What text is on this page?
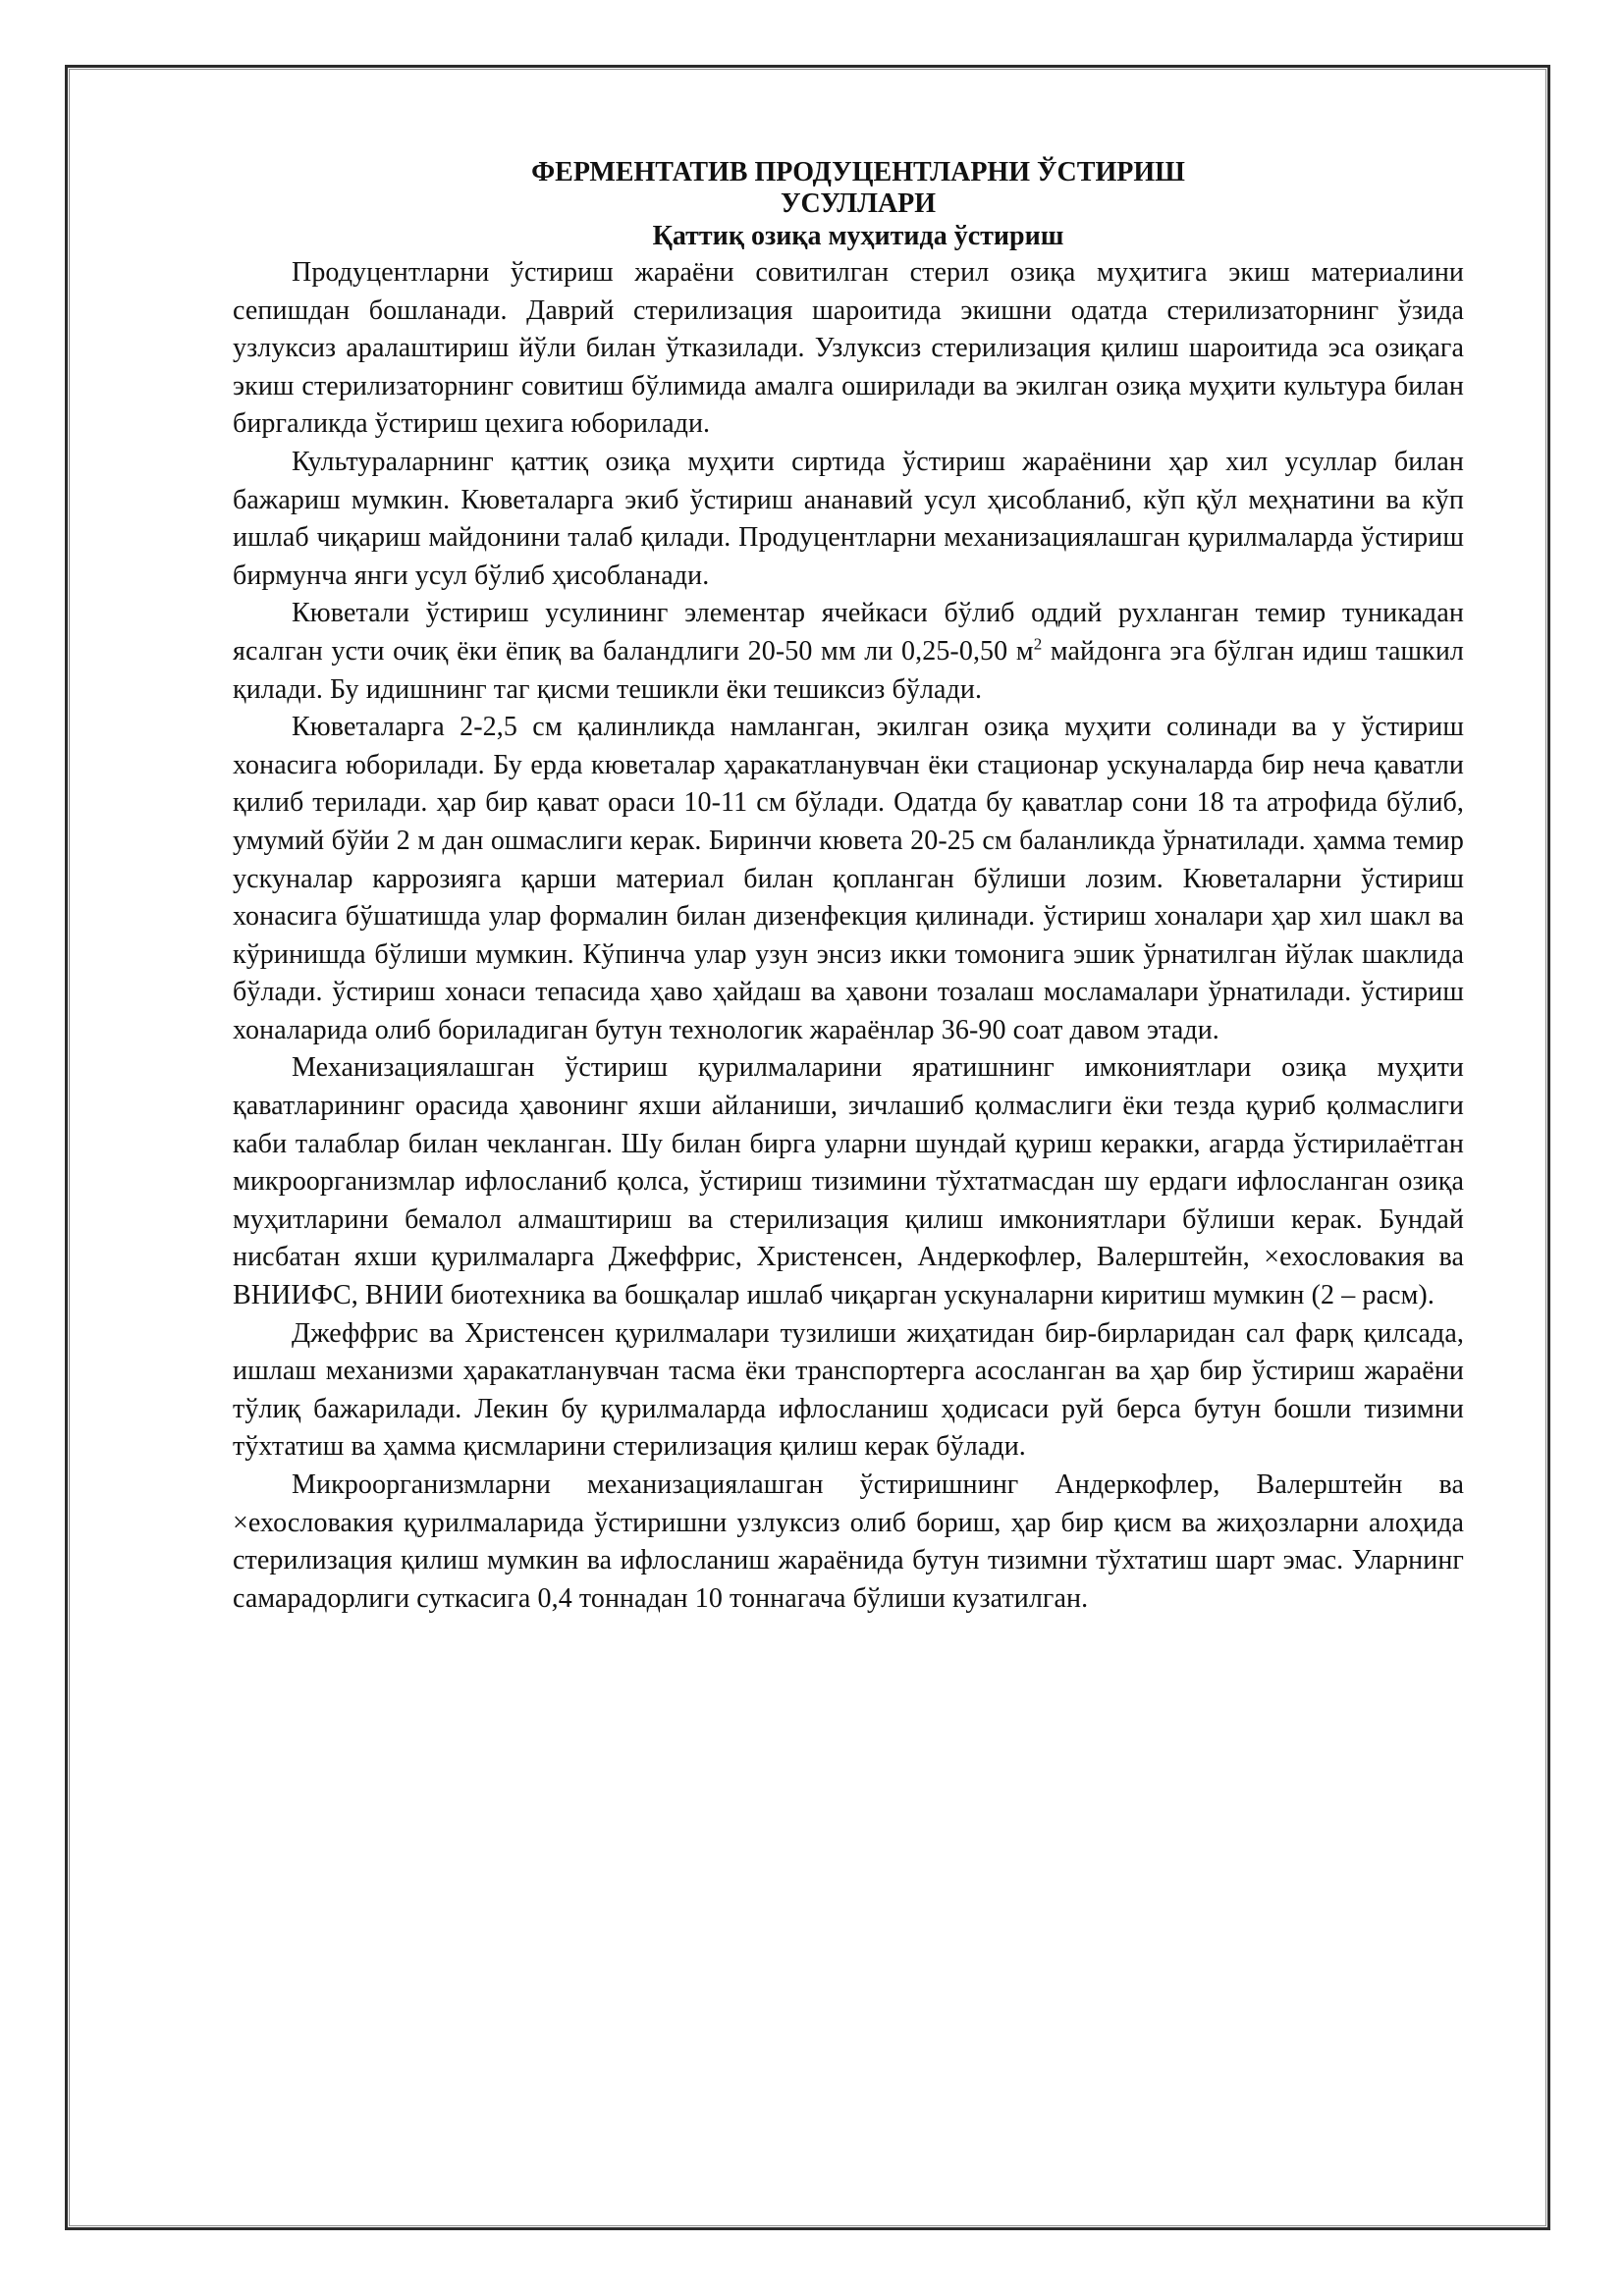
ФЕРМЕНТАТИВ ПРОДУЦЕНТЛАРНИ ЎСТИРИШ

УСУЛЛАРИ

Қаттиқ озиқа муҳитида ўстириш

Продуцентларни ўстириш жараёни совитилган стерил озиқа муҳитига экиш материалини сепишдан бошланади. Даврий стерилизация шароитида экишни одатда стерилизаторнинг ўзида узлуксиз аралаштириш йўли билан ўтказилади. Узлуксиз стерилизация қилиш шароитида эса озиқага экиш стерилизаторнинг совитиш бўлимида амалга оширилади ва экилган озиқа муҳити культура билан биргаликда ўстириш цехига юборилади.

Культураларнинг қаттиқ озиқа муҳити сиртида ўстириш жараёнини ҳар хил усуллар билан бажариш мумкин. Кюветаларга экиб ўстириш ананавий усул ҳисобланиб, кўп қўл меҳнатини ва кўп ишлаб чиқариш майдонини талаб қилади. Продуцентларни механизациялашган қурилмаларда ўстириш бирмунча янги усул бўлиб ҳисобланади.

Кюветали ўстириш усулининг элементар ячейкаси бўлиб оддий рухланган темир туникадан ясалган усти очиқ ёки ёпиқ ва баландлиги 20-50 мм ли 0,25-0,50 $м^2$ майдонга эга бўлган идиш ташкил қилади. Бу идишнинг таг қисми тешикли ёки тешиксиз бўлади.

Кюветаларга 2-2,5 см қалинликда намланган, экилган озиқа муҳити солинади ва у ўстириш хонасига юборилади. Бу ерда кюветалар ҳаракатланувчан ёки стационар ускуналарда бир неча қаватли қилиб терилади. ҳар бир қават ораси 10-11 см бўлади. Одатда бу қаватлар сони 18 та атрофида бўлиб, умумий бўйи 2 м дан ошмаслиги керак. Биринчи кювета 20-25 см баланликда ўрнатилади. ҳамма темир ускуналар каррозияга қарши материал билан қопланган бўлиши лозим. Кюветаларни ўстириш хонасига бўшатишда улар формалин билан дизенфекция қилинади. ўстириш хоналари ҳар хил шакл ва кўринишда бўлиши мумкин. Кўпинча улар узун энсиз икки томонига эшик ўрнатилган йўлак шаклида бўлади. ўстириш хонаси тепасида ҳаво ҳайдаш ва ҳавони тозалаш мосламалари ўрнатилади. ўстириш хоналарида олиб бориладиган бутун технологик жараёнлар 36-90 соат давом этади.

Механизациялашган ўстириш қурилмаларини яратишнинг имкониятлари озиқа муҳити қаватларининг орасида ҳавонинг яхши айланиши, зичлашиб қолмаслиги ёки тезда қуриб қолмаслиги каби талаблар билан чекланган. Шу билан бирга уларни шундай қуриш керакки, агарда ўстирилаётган микроорганизмлар ифлосланиб қолса, ўстириш тизимини тўхтатмасдан шу ердаги ифлосланган озиқа муҳитларини бемалол алмаштириш ва стерилизация қилиш имкониятлари бўлиши керак. Бундай нисбатан яхши қурилмаларга Джеффрис, Христенсен, Андеркофлер, Валерштейн, ×ехословакия ва ВНИИФС, ВНИИ биотехника ва бошқалар ишлаб чиқарган ускуналарни киритиш мумкин (2 – расм).

Джеффрис ва Христенсен қурилмалари тузилиши жиҳатидан бир-бирларидан сал фарқ қилсада, ишлаш механизми ҳаракатланувчан тасма ёки транспортерга асосланган ва ҳар бир ўстириш жараёни тўлиқ бажарилади. Лекин бу қурилмаларда ифлосланиш ҳодисаси руй берса бутун бошли тизимни тўхтатиш ва ҳамма қисмларини стерилизация қилиш керак бўлади.

Микроорганизмларни механизациялашган ўстиришнинг Андеркофлер, Валерштейн ва ×ехословакия қурилмаларида ўстиришни узлуксиз олиб бориш, ҳар бир қисм ва жиҳозларни алоҳида стерилизация қилиш мумкин ва ифлосланиш жараёнида бутун тизимни тўхтатиш шарт эмас. Уларнинг самарадорлиги суткасига 0,4 тоннадан 10 тоннагача бўлиши кузатилган.
